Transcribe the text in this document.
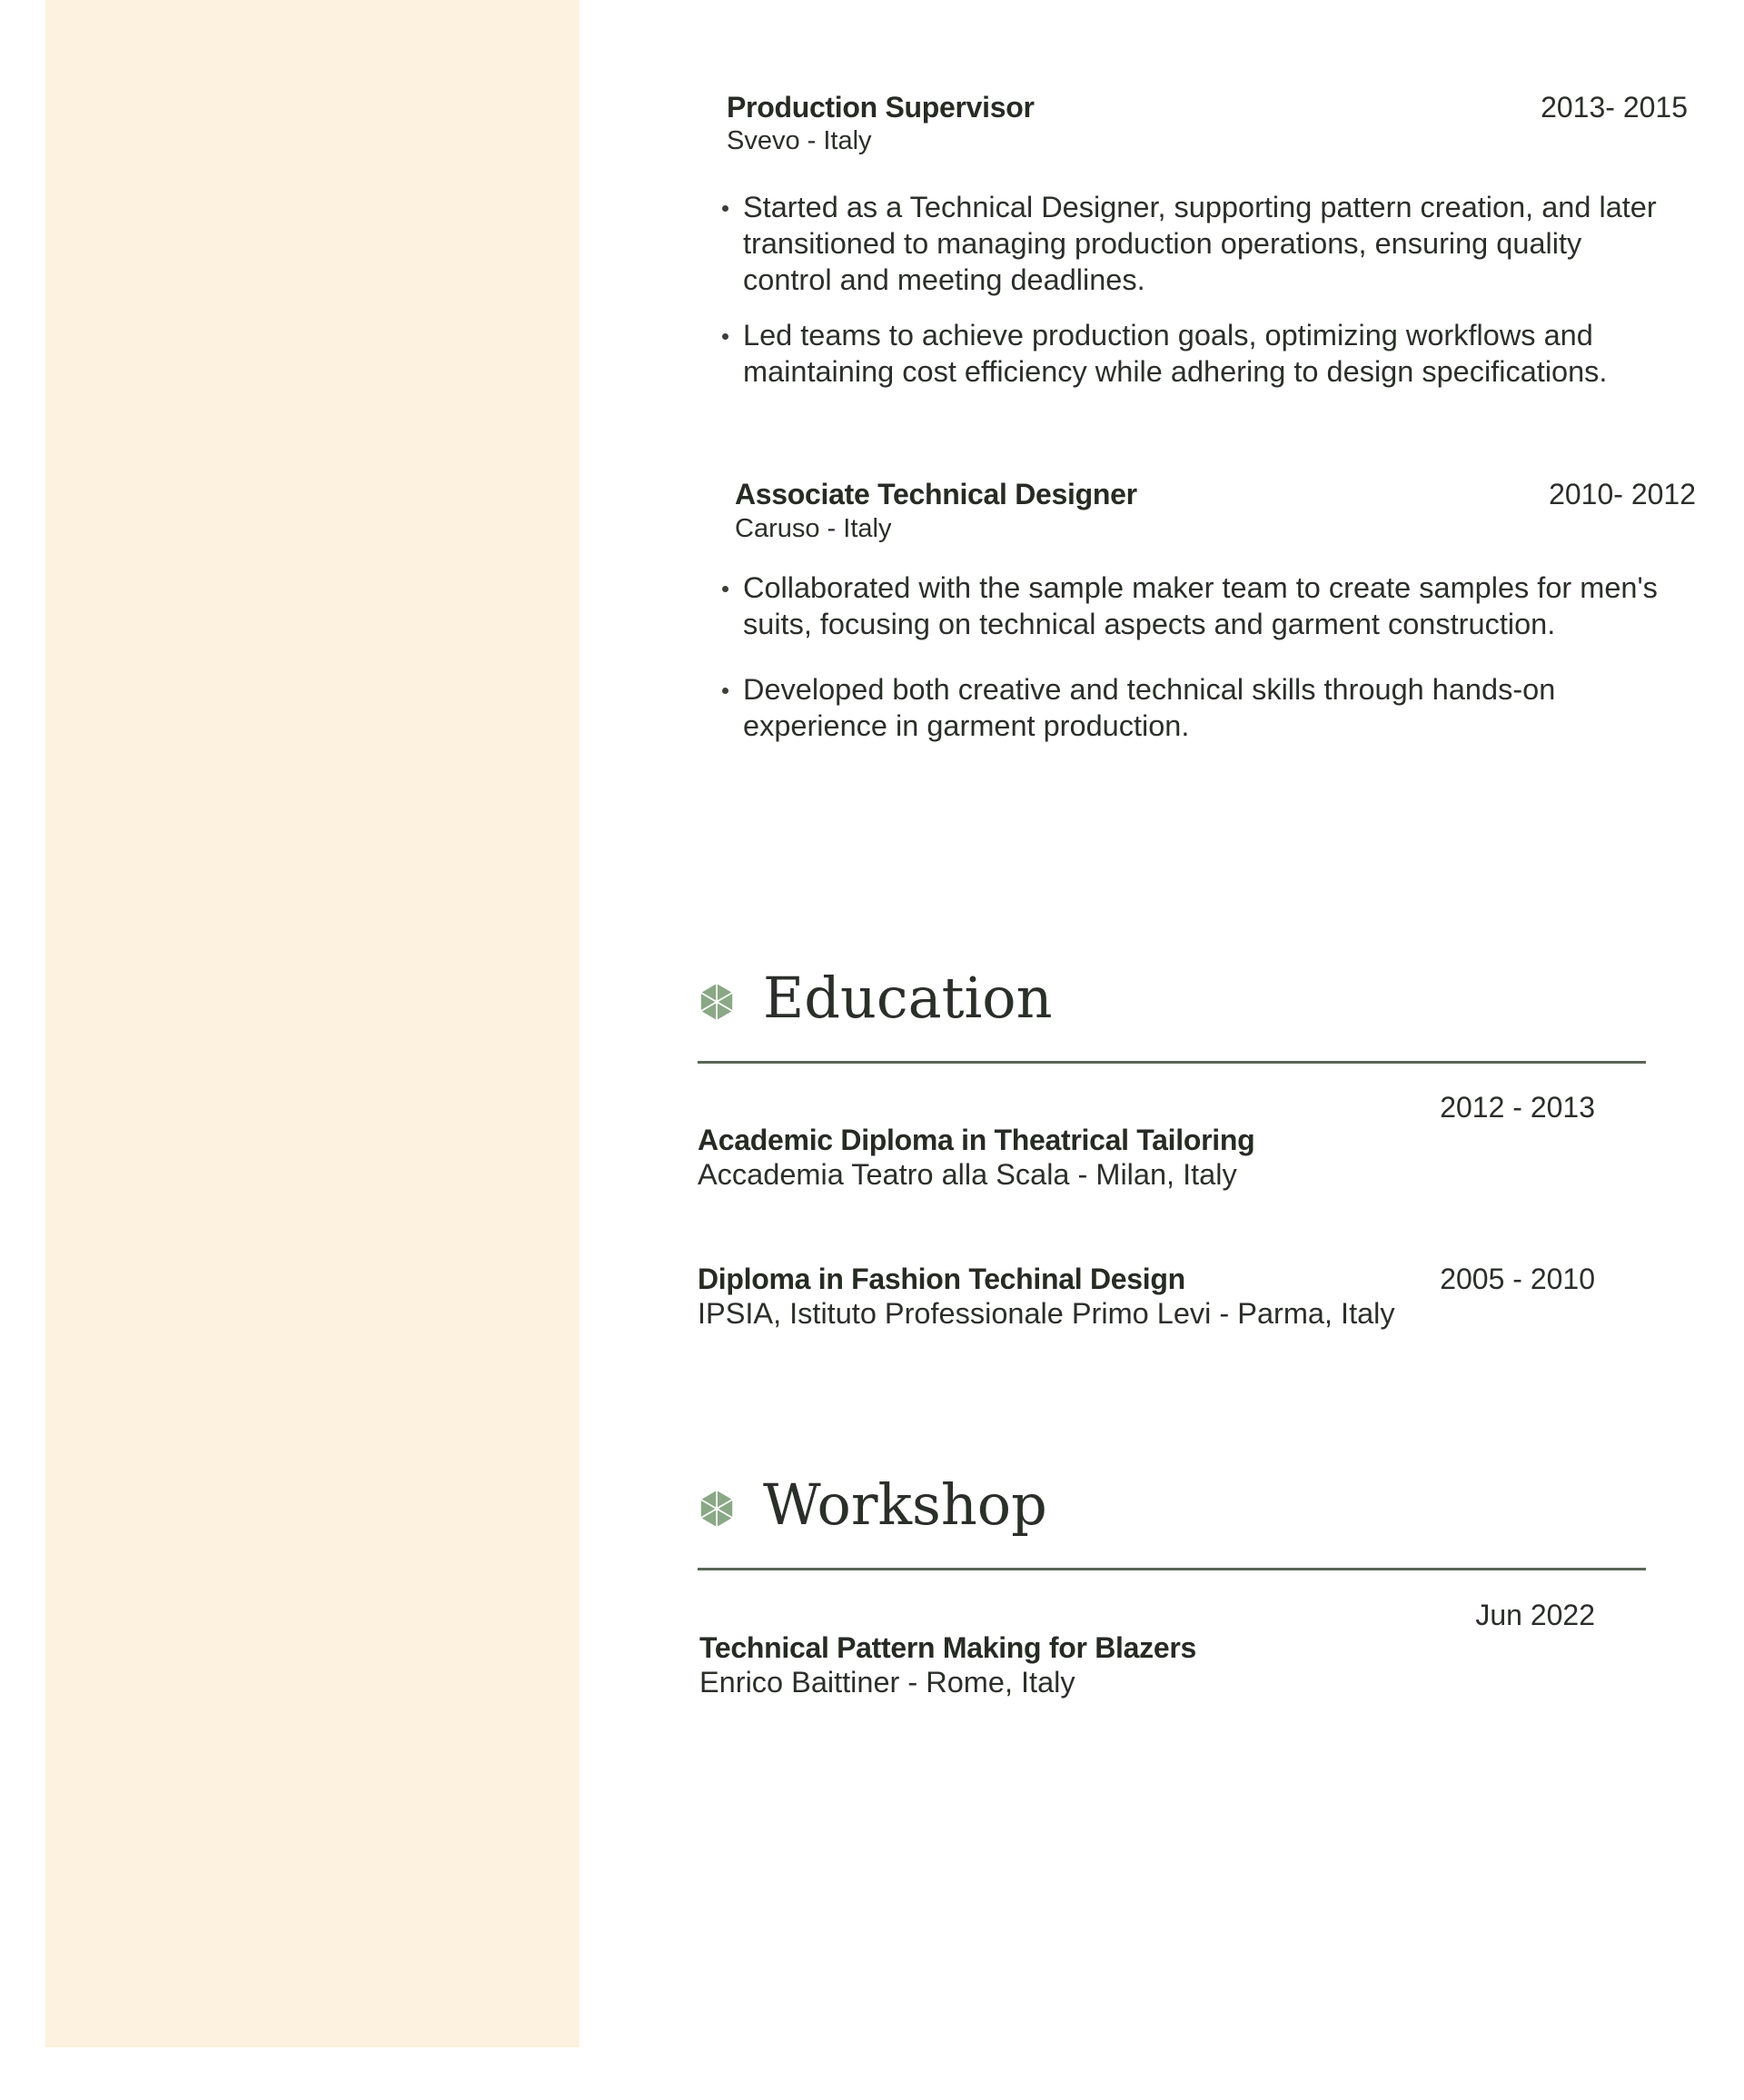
Production Supervisor	2013- 2015
Svevo - Italy
Started as a Technical Designer, supporting pattern creation, and later transitioned to managing production operations, ensuring quality control and meeting deadlines.
Led teams to achieve production goals, optimizing workflows and maintaining cost efficiency while adhering to design specifications.
Associate Technical Designer	2010- 2012
Caruso - Italy
Collaborated with the sample maker team to create samples for men's suits, focusing on technical aspects and garment construction.
Developed both creative and technical skills through hands-on experience in garment production.
Education
2012 - 2013
Academic Diploma in Theatrical Tailoring
Accademia Teatro alla Scala - Milan, Italy
2005 - 2010
Diploma in Fashion Techinal Design
IPSIA, Istituto Professionale Primo Levi - Parma, Italy
Workshop
Jun 2022
Technical Pattern Making for Blazers
Enrico Baittiner - Rome, Italy
